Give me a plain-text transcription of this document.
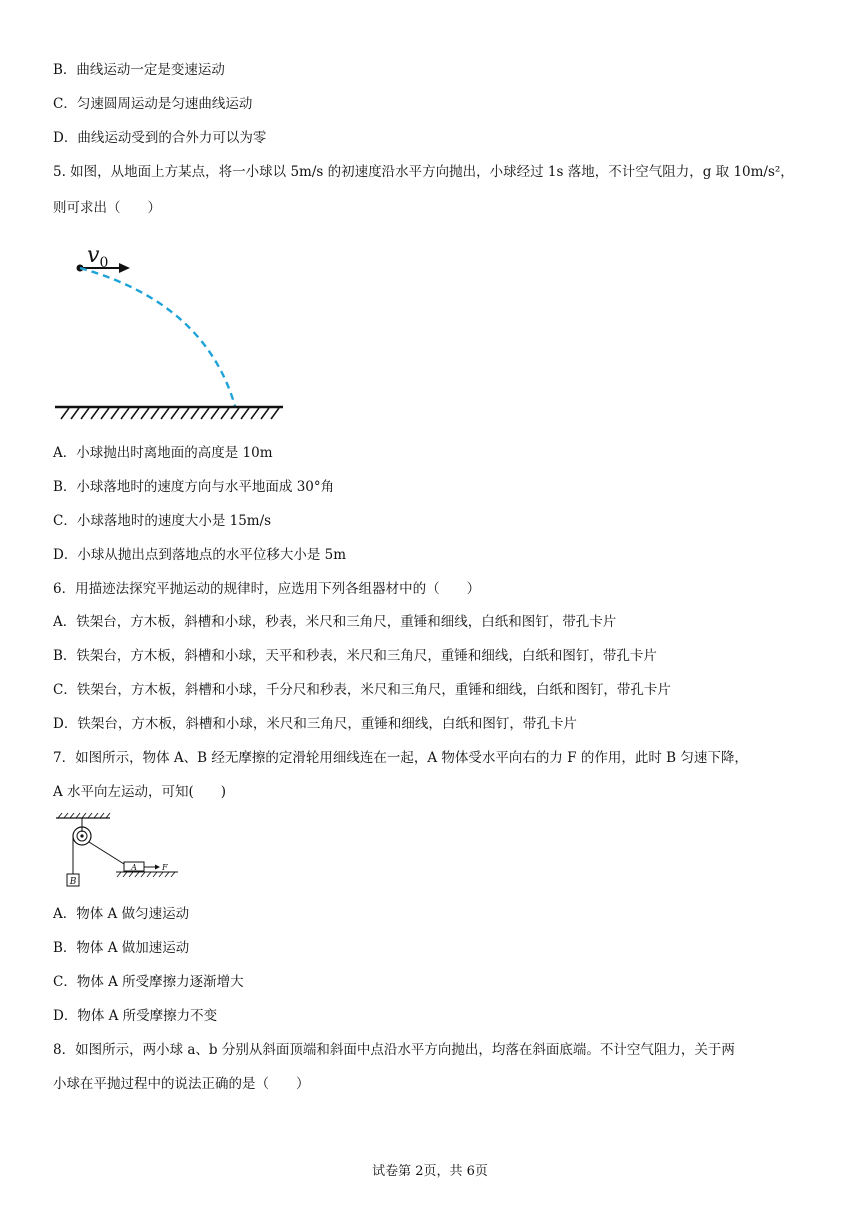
B．曲线运动一定是变速运动
C．匀速圆周运动是匀速曲线运动
D．曲线运动受到的合外力可以为零
5. 如图，从地面上方某点，将一小球以 5m/s 的初速度沿水平方向抛出，小球经过 1s 落地，不计空气阻力，g 取 10m/s²，
则可求出（　　）
$v_0$
A．小球抛出时离地面的高度是 10m
B．小球落地时的速度方向与水平地面成 30°角
C．小球落地时的速度大小是 15m/s
D．小球从抛出点到落地点的水平位移大小是 5m
6．用描迹法探究平抛运动的规律时，应选用下列各组器材中的（　　）
A．铁架台，方木板，斜槽和小球，秒表，米尺和三角尺，重锤和细线，白纸和图钉，带孔卡片
B．铁架台，方木板，斜槽和小球，天平和秒表，米尺和三角尺，重锤和细线，白纸和图钉，带孔卡片
C．铁架台，方木板，斜槽和小球，千分尺和秒表，米尺和三角尺，重锤和细线，白纸和图钉，带孔卡片
D．铁架台，方木板，斜槽和小球，米尺和三角尺，重锤和细线，白纸和图钉，带孔卡片
7．如图所示，物体 A、B 经无摩擦的定滑轮用细线连在一起，A 物体受水平向右的力 F 的作用，此时 B 匀速下降，
A 水平向左运动，可知(　　)
B
A	F
A．物体 A 做匀速运动
B．物体 A 做加速运动
C．物体 A 所受摩擦力逐渐增大
D．物体 A 所受摩擦力不变
8．如图所示，两小球 a、b 分别从斜面顶端和斜面中点沿水平方向抛出，均落在斜面底端。不计空气阻力，关于两
小球在平抛过程中的说法正确的是（　　）
试卷第 2页，共 6页
